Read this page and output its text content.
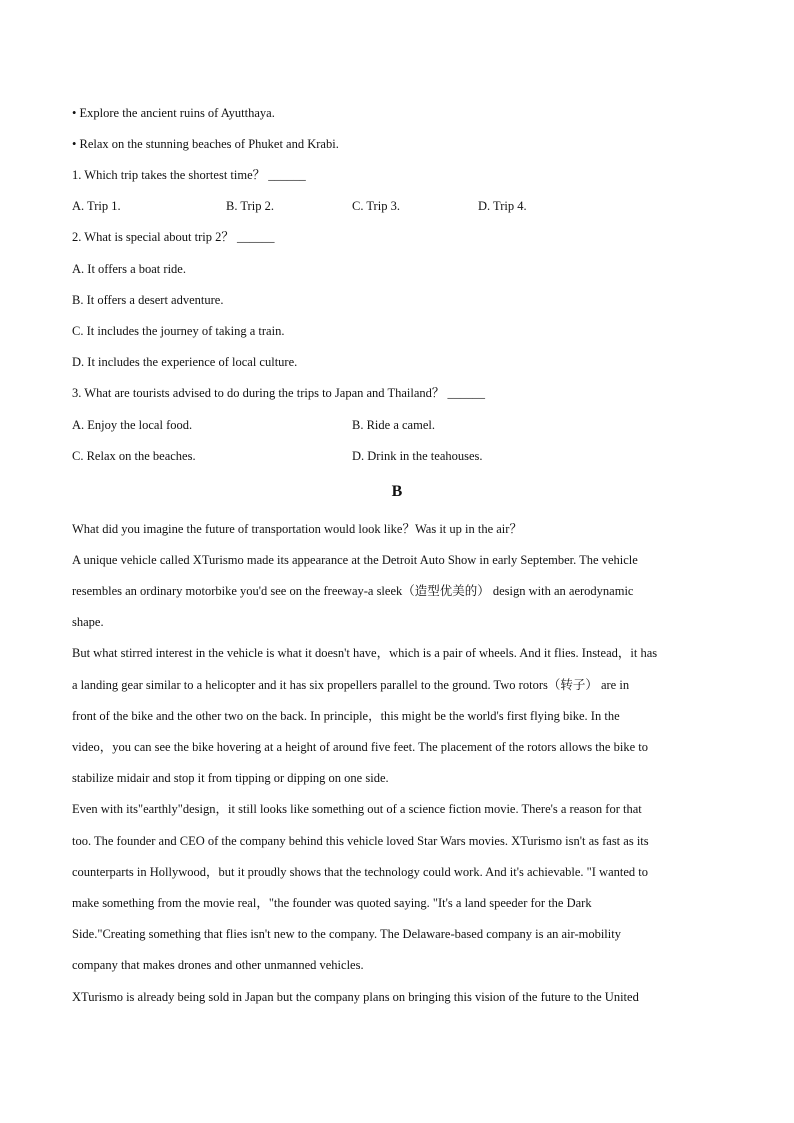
• Explore the ancient ruins of Ayutthaya.
• Relax on the stunning beaches of Phuket and Krabi.
1. Which trip takes the shortest time？ ______
A. Trip 1.	B. Trip 2.	C. Trip 3.	D. Trip 4.
2. What is special about trip 2？ ______
A. It offers a boat ride.
B. It offers a desert adventure.
C. It includes the journey of taking a train.
D. It includes the experience of local culture.
3. What are tourists advised to do during the trips to Japan and Thailand？ ______
A. Enjoy the local food.	B. Ride a camel.
C. Relax on the beaches.	D. Drink in the teahouses.
B
What did you imagine the future of transportation would look like？Was it up in the air？
A unique vehicle called XTurismo made its appearance at the Detroit Auto Show in early September. The vehicle
resembles an ordinary motorbike you'd see on the freeway-a sleek（造型优美的） design with an aerodynamic
shape.
But what stirred interest in the vehicle is what it doesn't have，which is a pair of wheels. And it flies. Instead，it has
a landing gear similar to a helicopter and it has six propellers parallel to the ground. Two rotors（转子） are in
front of the bike and the other two on the back. In principle，this might be the world's first flying bike. In the
video，you can see the bike hovering at a height of around five feet. The placement of the rotors allows the bike to
stabilize midair and stop it from tipping or dipping on one side.
Even with its"earthly"design，it still looks like something out of a science fiction movie. There's a reason for that
too. The founder and CEO of the company behind this vehicle loved Star Wars movies. XTurismo isn't as fast as its
counterparts in Hollywood，but it proudly shows that the technology could work. And it's achievable. "I wanted to
make something from the movie real，"the founder was quoted saying. "It's a land speeder for the Dark
Side."Creating something that flies isn't new to the company. The Delaware-based company is an air-mobility
company that makes drones and other unmanned vehicles.
XTurismo is already being sold in Japan but the company plans on bringing this vision of the future to the United
